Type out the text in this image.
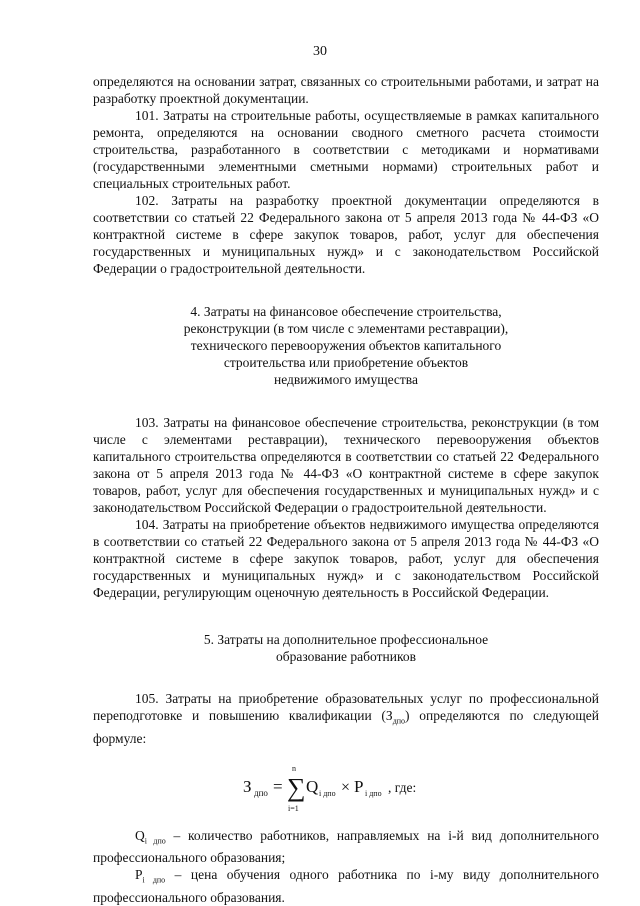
30

определяются на основании затрат, связанных со строительными работами, и затрат на разработку проектной документации.

101. Затраты на строительные работы, осуществляемые в рамках капитального ремонта, определяются на основании сводного сметного расчета стоимости строительства, разработанного в соответствии с методиками и нормативами (государственными элементными сметными нормами) строительных работ и специальных строительных работ.

102. Затраты на разработку проектной документации определяются в соответствии со статьей 22 Федерального закона от 5 апреля 2013 года № 44-ФЗ «О контрактной системе в сфере закупок товаров, работ, услуг для обеспечения государственных и муниципальных нужд» и с законодательством Российской Федерации о градостроительной деятельности.

4. Затраты на финансовое обеспечение строительства,
реконструкции (в том числе с элементами реставрации),
технического перевооружения объектов капитального
строительства или приобретение объектов
недвижимого имущества

103. Затраты на финансовое обеспечение строительства, реконструкции (в том числе с элементами реставрации), технического перевооружения объектов капитального строительства определяются в соответствии со статьей 22 Федерального закона от 5 апреля 2013 года № 44-ФЗ «О контрактной системе в сфере закупок товаров, работ, услуг для обеспечения государственных и муниципальных нужд» и с законодательством Российской Федерации о градостроительной деятельности.

104. Затраты на приобретение объектов недвижимого имущества определяются в соответствии со статьей 22 Федерального закона от 5 апреля 2013 года № 44-ФЗ «О контрактной системе в сфере закупок товаров, работ, услуг для обеспечения государственных и муниципальных нужд» и с законодательством Российской Федерации, регулирующим оценочную деятельность в Российской Федерации.

5. Затраты на дополнительное профессиональное
образование работников

105. Затраты на приобретение образовательных услуг по профессиональной переподготовке и повышению квалификации $(З_{дпо})$ определяются по следующей формуле:

З дпо =
n
∑
i=1
Q i дпо × P i дпо , где:

$Q_{i дпо}$ – количество работников, направляемых на i-й вид дополнительного профессионального образования;

$P_{i дпо}$ – цена обучения одного работника по i-му виду дополнительного профессионального образования.
